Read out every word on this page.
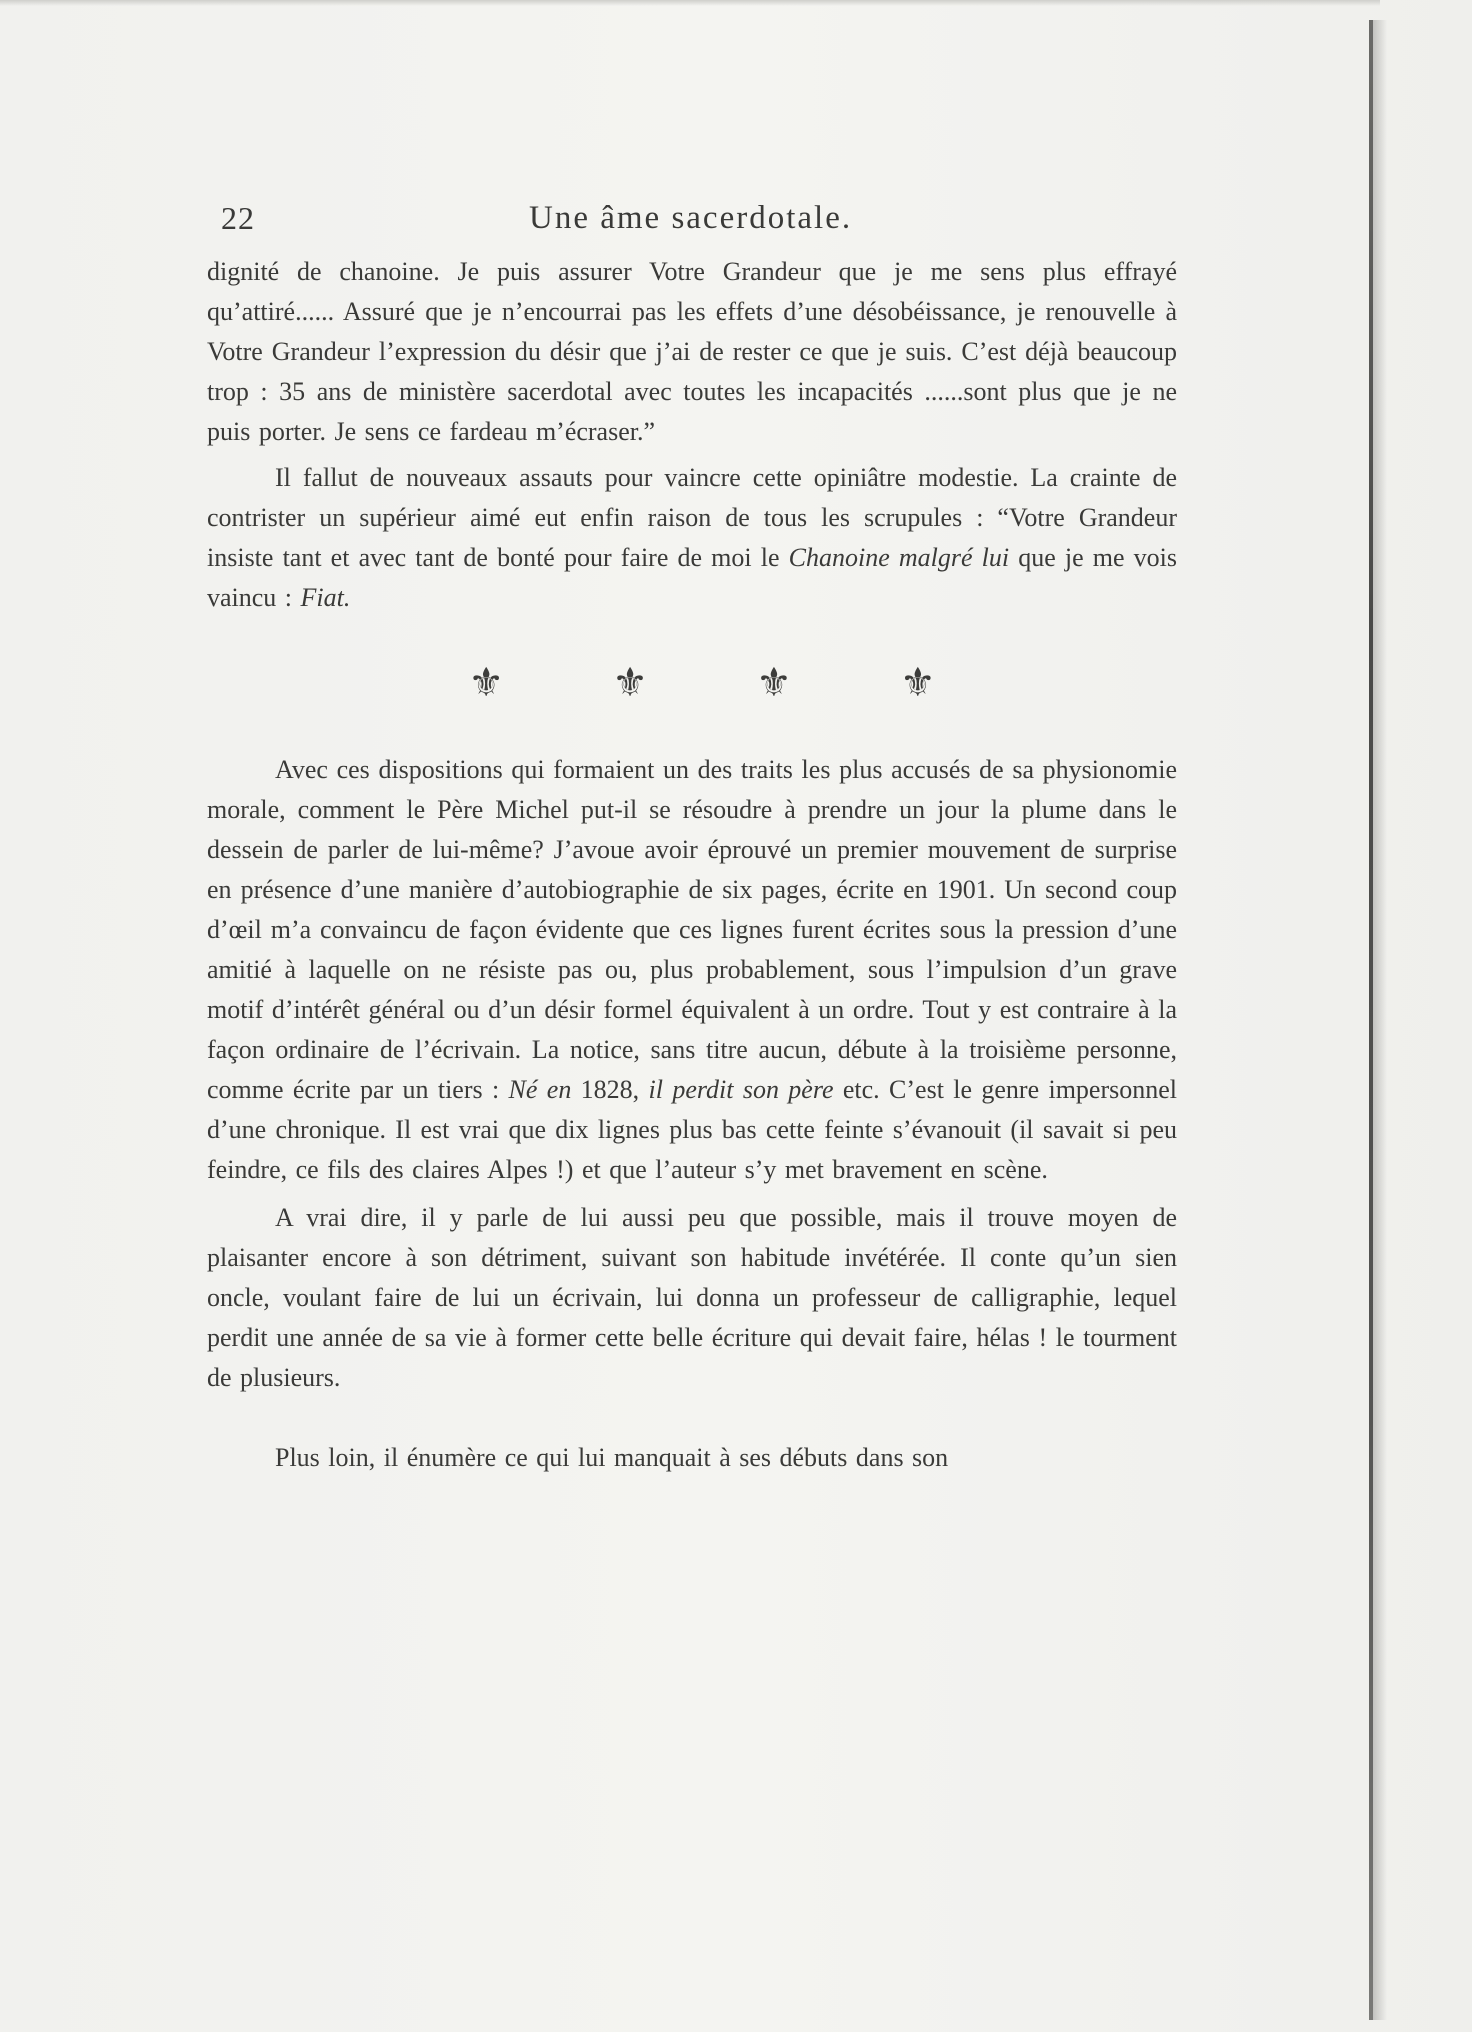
22	Une âme sacerdotale.

dignité de chanoine. Je puis assurer Votre Grandeur que je me sens plus effrayé qu’attiré...... Assuré que je n’encourrai pas les effets d’une désobéissance, je renouvelle à Votre Grandeur l’expression du désir que j’ai de rester ce que je suis. C’est déjà beaucoup trop : 35 ans de ministère sacerdotal avec toutes les incapacités ......sont plus que je ne puis porter. Je sens ce fardeau m’écraser.”

Il fallut de nouveaux assauts pour vaincre cette opiniâtre modestie. La crainte de contrister un supérieur aimé eut enfin raison de tous les scrupules : “Votre Grandeur insiste tant et avec tant de bonté pour faire de moi le Chanoine malgré lui que je me vois vaincu : Fiat.

⚜	⚜	⚜	⚜

Avec ces dispositions qui formaient un des traits les plus accusés de sa physionomie morale, comment le Père Michel put-il se résoudre à prendre un jour la plume dans le dessein de parler de lui-même? J’avoue avoir éprouvé un premier mouvement de surprise en présence d’une manière d’autobiographie de six pages, écrite en 1901. Un second coup d’œil m’a convaincu de façon évidente que ces lignes furent écrites sous la pression d’une amitié à laquelle on ne résiste pas ou, plus probablement, sous l’impulsion d’un grave motif d’intérêt général ou d’un désir formel équivalent à un ordre. Tout y est contraire à la façon ordinaire de l’écrivain. La notice, sans titre aucun, débute à la troisième personne, comme écrite par un tiers : Né en 1828, il perdit son père etc. C’est le genre impersonnel d’une chronique. Il est vrai que dix lignes plus bas cette feinte s’évanouit (il savait si peu feindre, ce fils des claires Alpes !) et que l’auteur s’y met bravement en scène.

A vrai dire, il y parle de lui aussi peu que possible, mais il trouve moyen de plaisanter encore à son détriment, suivant son habitude invétérée. Il conte qu’un sien oncle, voulant faire de lui un écrivain, lui donna un professeur de calligraphie, lequel perdit une année de sa vie à former cette belle écriture qui devait faire, hélas ! le tourment de plusieurs.

Plus loin, il énumère ce qui lui manquait à ses débuts dans son
